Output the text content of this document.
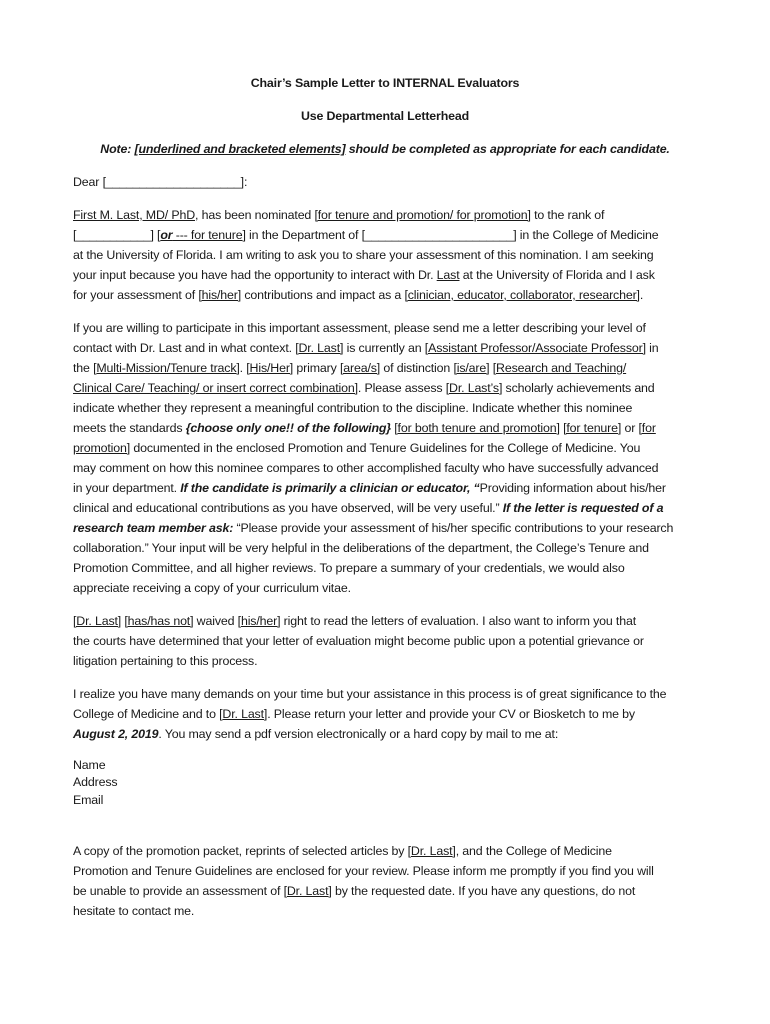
Chair’s Sample Letter to INTERNAL Evaluators
Use Departmental Letterhead
Note: [underlined and bracketed elements] should be completed as appropriate for each candidate.
Dear [____________________]:
First M. Last, MD/ PhD, has been nominated [for tenure and promotion/ for promotion] to the rank of
[___________] [or --- for tenure] in the Department of [______________________] in the College of Medicine
at the University of Florida. I am writing to ask you to share your assessment of this nomination. I am seeking
your input because you have had the opportunity to interact with Dr. Last at the University of Florida and I ask
for your assessment of [his/her] contributions and impact as a [clinician, educator, collaborator, researcher].
If you are willing to participate in this important assessment, please send me a letter describing your level of
contact with Dr. Last and in what context. [Dr. Last] is currently an [Assistant Professor/Associate Professor] in
the [Multi-Mission/Tenure track]. [His/Her] primary [area/s] of distinction [is/are] [Research and Teaching/
Clinical Care/ Teaching/ or insert correct combination]. Please assess [Dr. Last’s] scholarly achievements and
indicate whether they represent a meaningful contribution to the discipline. Indicate whether this nominee
meets the standards {choose only one!! of the following} [for both tenure and promotion] [for tenure] or [for
promotion] documented in the enclosed Promotion and Tenure Guidelines for the College of Medicine. You
may comment on how this nominee compares to other accomplished faculty who have successfully advanced
in your department. If the candidate is primarily a clinician or educator, “Providing information about his/her
clinical and educational contributions as you have observed, will be very useful.” If the letter is requested of a
research team member ask: “Please provide your assessment of his/her specific contributions to your research
collaboration.” Your input will be very helpful in the deliberations of the department, the College’s Tenure and
Promotion Committee, and all higher reviews. To prepare a summary of your credentials, we would also
appreciate receiving a copy of your curriculum vitae.
[Dr. Last] [has/has not] waived [his/her] right to read the letters of evaluation. I also want to inform you that
the courts have determined that your letter of evaluation might become public upon a potential grievance or
litigation pertaining to this process.
I realize you have many demands on your time but your assistance in this process is of great significance to the
College of Medicine and to [Dr. Last]. Please return your letter and provide your CV or Biosketch to me by
August 2, 2019. You may send a pdf version electronically or a hard copy by mail to me at:
Name
Address
Email
A copy of the promotion packet, reprints of selected articles by [Dr. Last], and the College of Medicine
Promotion and Tenure Guidelines are enclosed for your review. Please inform me promptly if you find you will
be unable to provide an assessment of [Dr. Last] by the requested date. If you have any questions, do not
hesitate to contact me.
